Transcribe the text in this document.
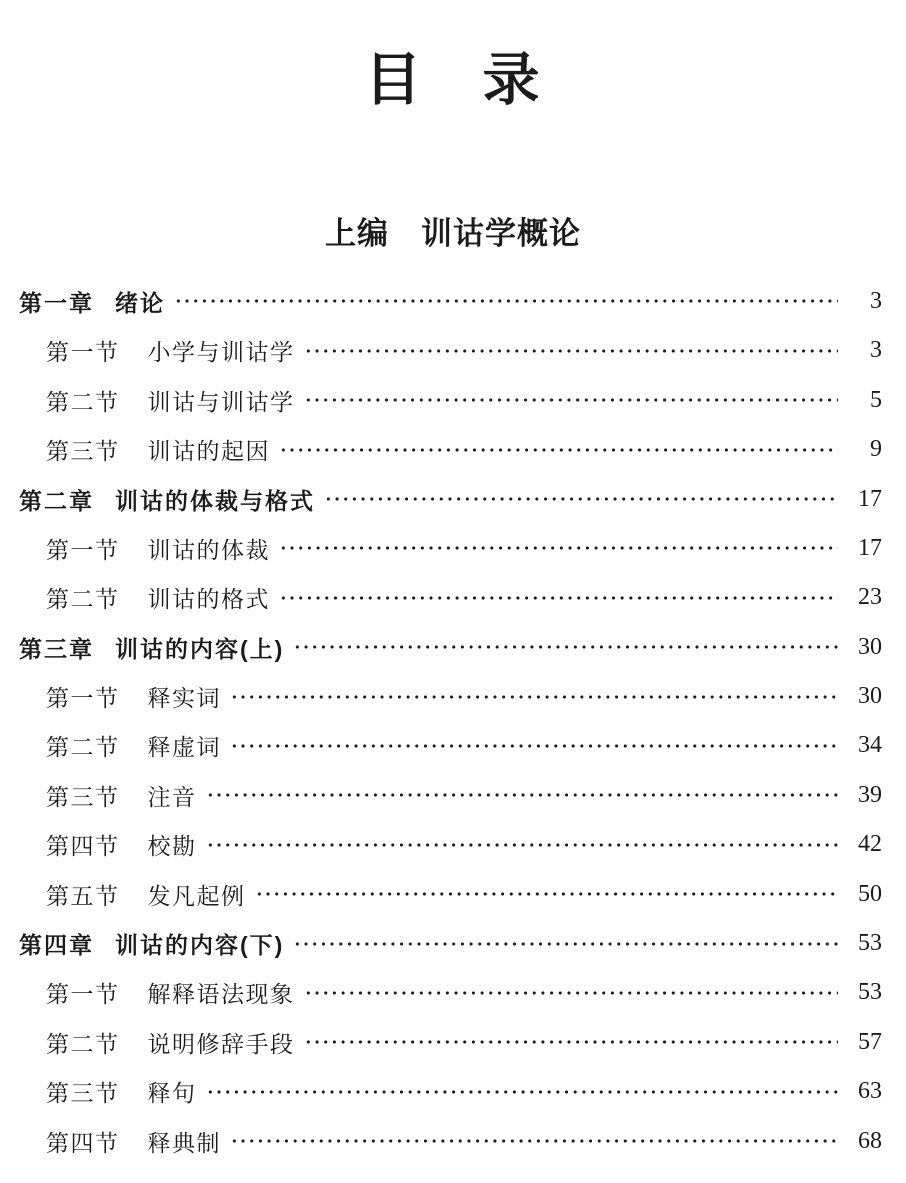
目　录
上编　训诂学概论
第一章 绪论	3
第一节 小学与训诂学	3
第二节 训诂与训诂学	5
第三节 训诂的起因	9
第二章 训诂的体裁与格式	17
第一节 训诂的体裁	17
第二节 训诂的格式	23
第三章 训诂的内容(上)	30
第一节 释实词	30
第二节 释虚词	34
第三节 注音	39
第四节 校勘	42
第五节 发凡起例	50
第四章 训诂的内容(下)	53
第一节 解释语法现象	53
第二节 说明修辞手段	57
第三节 释句	63
第四节 释典制	68
